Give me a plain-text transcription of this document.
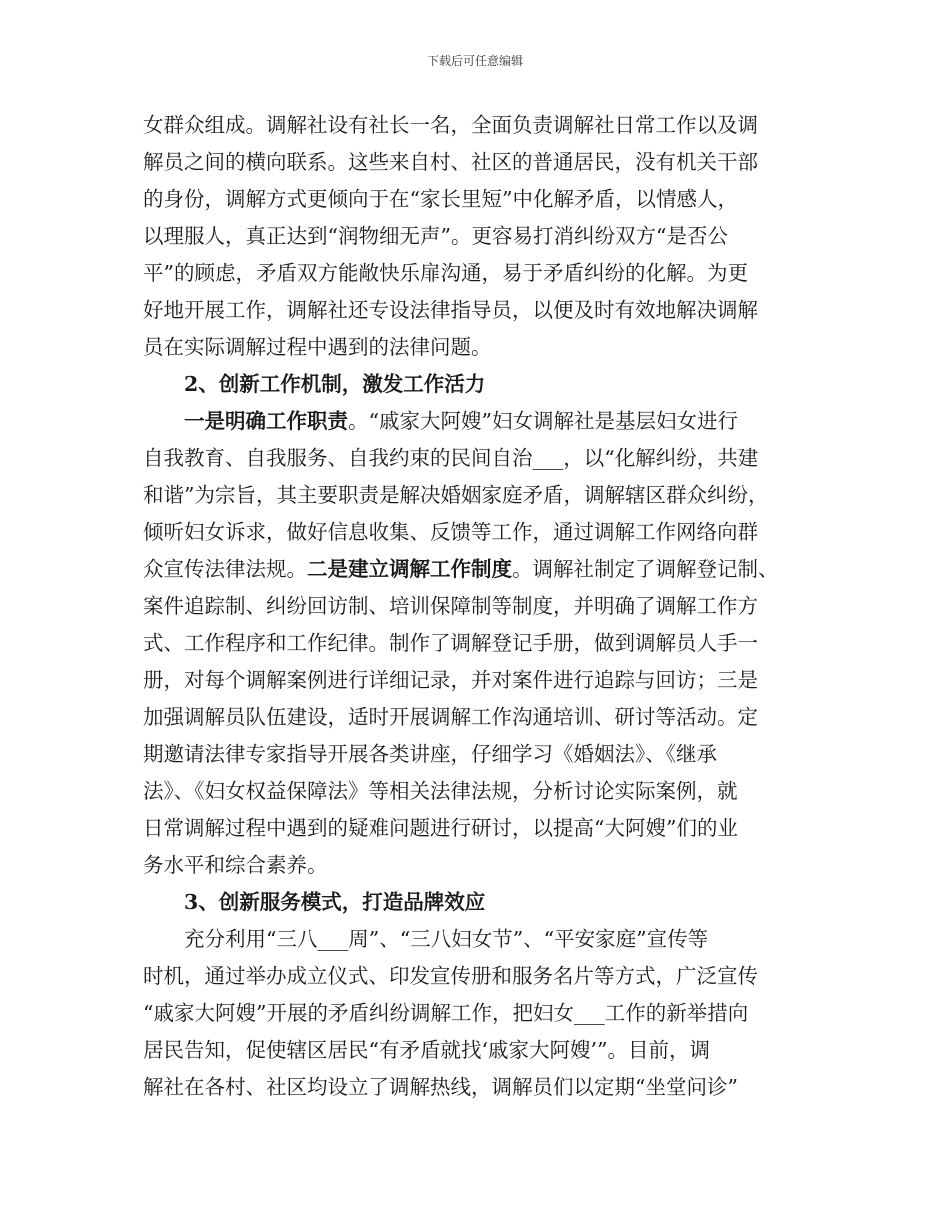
下载后可任意编辑
女群众组成。调解社设有社长一名，全面负责调解社日常工作以及调
解员之间的横向联系。这些来自村、社区的普通居民，没有机关干部
的身份，调解方式更倾向于在“家长里短”中化解矛盾，以情感人，
以理服人，真正达到“润物细无声”。更容易打消纠纷双方“是否公
平”的顾虑，矛盾双方能敞快乐扉沟通，易于矛盾纠纷的化解。为更
好地开展工作，调解社还专设法律指导员，以便及时有效地解决调解
员在实际调解过程中遇到的法律问题。
2、创新工作机制，激发工作活力
一是明确工作职责。“戚家大阿嫂”妇女调解社是基层妇女进行
自我教育、自我服务、自我约束的民间自治___，以“化解纠纷，共建
和谐”为宗旨，其主要职责是解决婚姻家庭矛盾，调解辖区群众纠纷，
倾听妇女诉求，做好信息收集、反馈等工作，通过调解工作网络向群
众宣传法律法规。二是建立调解工作制度。调解社制定了调解登记制、
案件追踪制、纠纷回访制、培训保障制等制度，并明确了调解工作方
式、工作程序和工作纪律。制作了调解登记手册，做到调解员人手一
册，对每个调解案例进行详细记录，并对案件进行追踪与回访；三是
加强调解员队伍建设，适时开展调解工作沟通培训、研讨等活动。定
期邀请法律专家指导开展各类讲座，仔细学习《婚姻法》、《继承
法》、《妇女权益保障法》等相关法律法规，分析讨论实际案例，就
日常调解过程中遇到的疑难问题进行研讨，以提高“大阿嫂”们的业
务水平和综合素养。
3、创新服务模式，打造品牌效应
充分利用“三八___周”、“三八妇女节”、“平安家庭”宣传等
时机，通过举办成立仪式、印发宣传册和服务名片等方式，广泛宣传
“戚家大阿嫂”开展的矛盾纠纷调解工作，把妇女___工作的新举措向
居民告知，促使辖区居民“有矛盾就找‘戚家大阿嫂’”。目前，调
解社在各村、社区均设立了调解热线，调解员们以定期“坐堂问诊”
